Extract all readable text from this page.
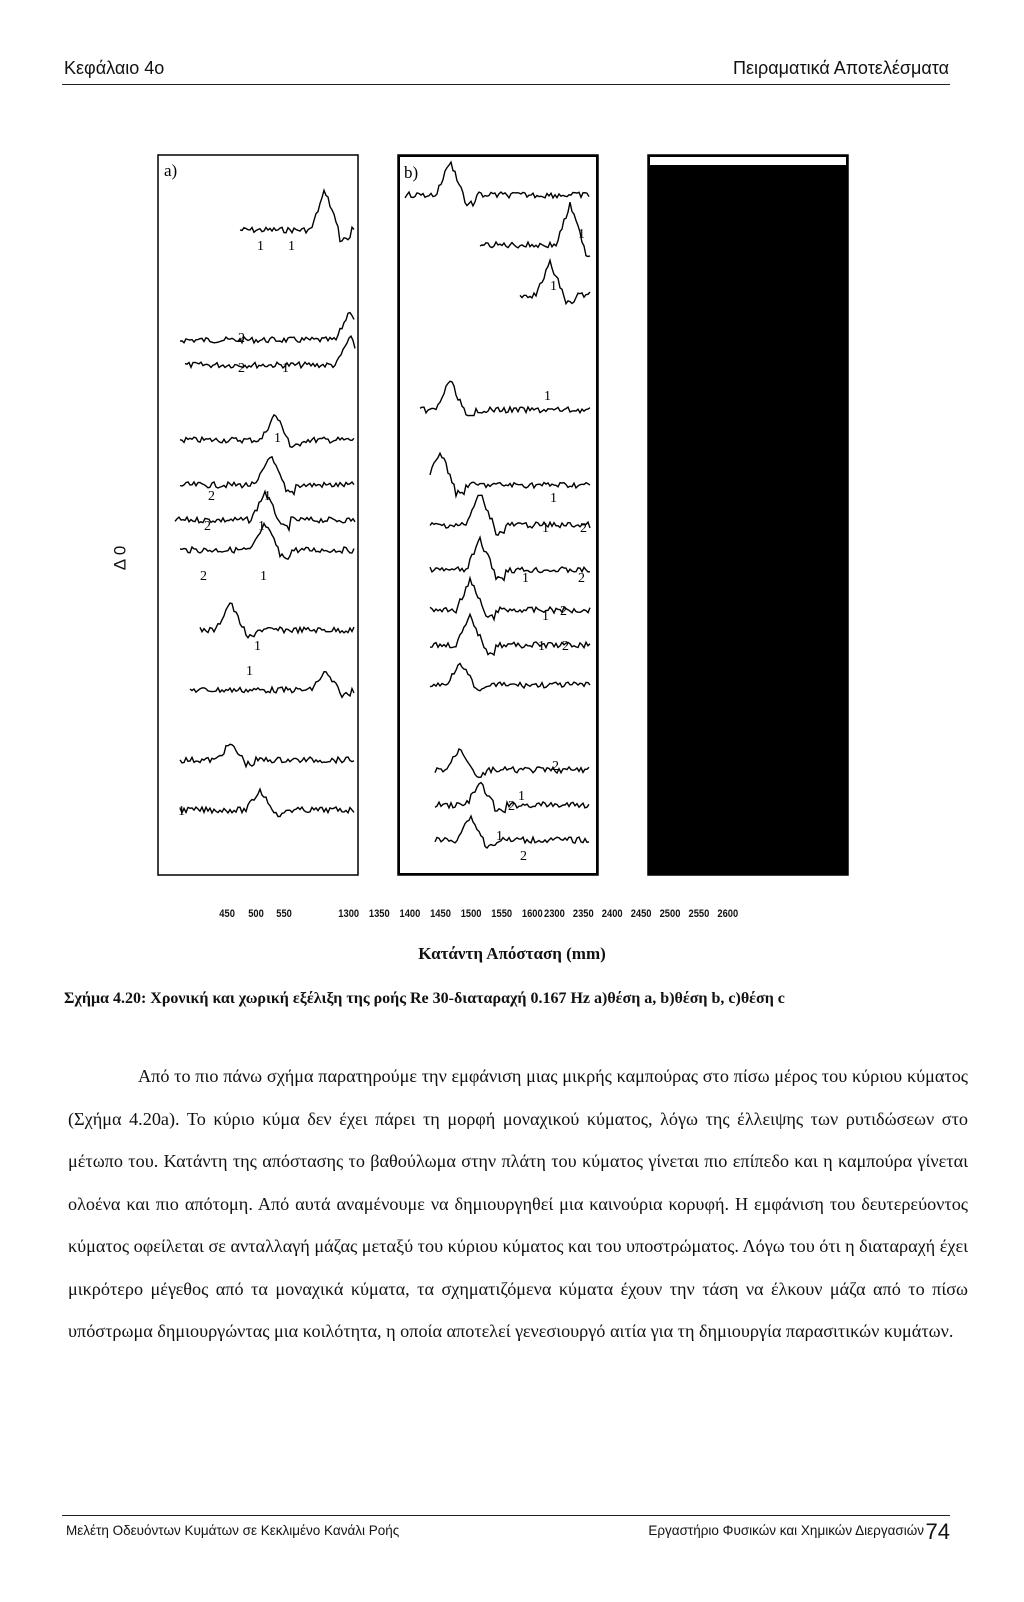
Κεφάλαιο 4ο	Πειραματικά Αποτελέσματα
Δ 0
a)	b)
1
1
2
2	1
1
2	1
2	1
2	1
1
1
1
1
1
1
1
2
1
2
1
2
1
2
1
2
1
2
1
2
450 500 550	1300 1350 1400 1450 1500 1550 1600 2300 2350 2400 2450 2500 2550 2600
Κατάντη Απόσταση (mm)
Σχήμα 4.20: Χρονική και χωρική εξέλιξη της ροής Re 30-διαταραχή 0.167 Hz a)θέση a, b)θέση b, c)θέση c

Από το πιο πάνω σχήμα παρατηρούμε την εμφάνιση μιας μικρής καμπούρας στο πίσω μέρος του κύριου κύματος (Σχήμα 4.20a). Το κύριο κύμα δεν έχει πάρει τη μορφή μοναχικού κύματος, λόγω της έλλειψης των ρυτιδώσεων στο μέτωπο του. Κατάντη της απόστασης το βαθούλωμα στην πλάτη του κύματος γίνεται πιο επίπεδο και η καμπούρα γίνεται ολοένα και πιο απότομη. Από αυτά αναμένουμε να δημιουργηθεί μια καινούρια κορυφή. Η εμφάνιση του δευτερεύοντος κύματος οφείλεται σε ανταλλαγή μάζας μεταξύ του κύριου κύματος και του υποστρώματος. Λόγω του ότι η διαταραχή έχει μικρότερο μέγεθος από τα μοναχικά κύματα, τα σχηματιζόμενα κύματα έχουν την τάση να έλκουν μάζα από το πίσω υπόστρωμα δημιουργώντας μια κοιλότητα, η οποία αποτελεί γενεσιουργό αιτία για τη δημιουργία παρασιτικών κυμάτων.

Μελέτη Οδευόντων Κυμάτων σε Κεκλιμένο Κανάλι Ροής	Εργαστήριο Φυσικών και Χημικών Διεργασιών 74
